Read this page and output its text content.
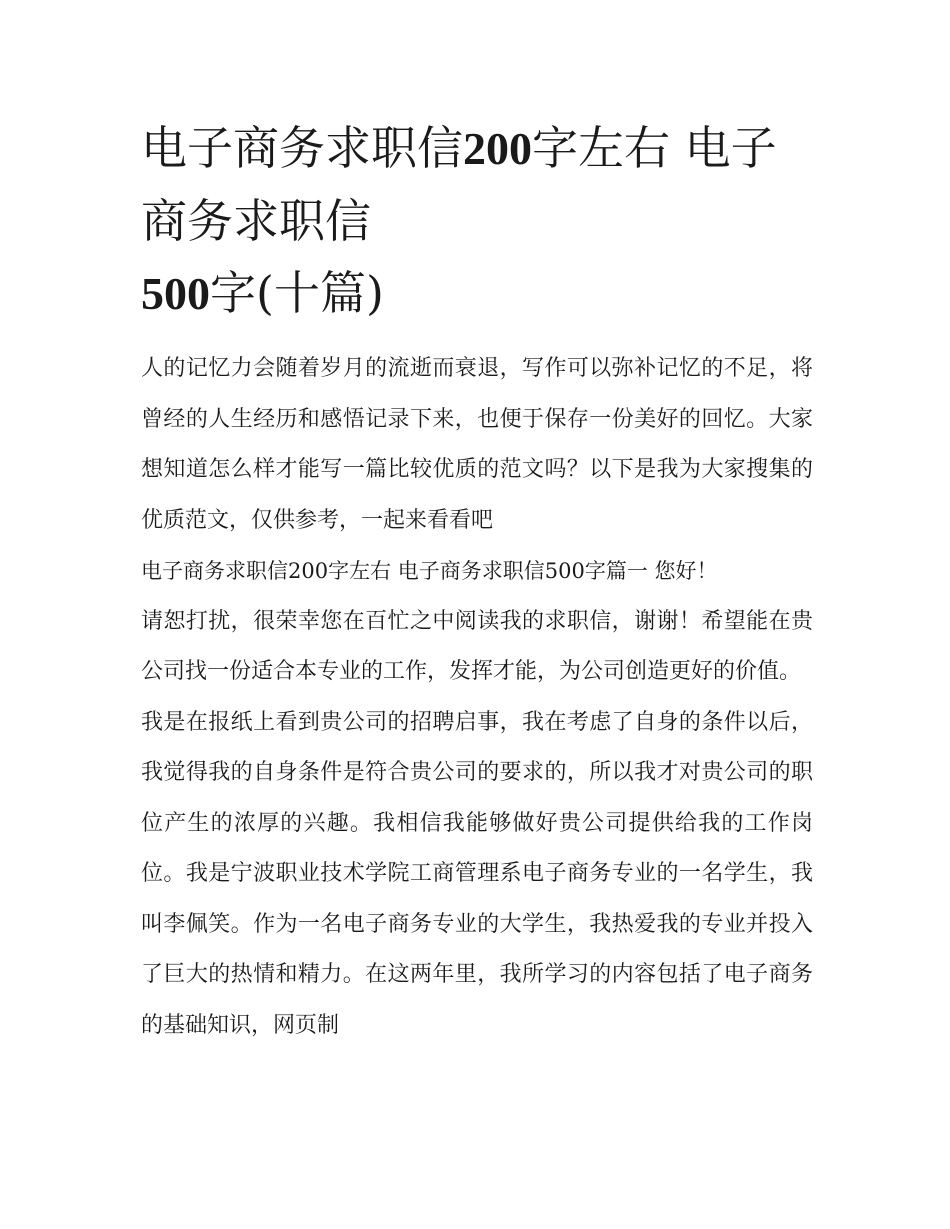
电子商务求职信200字左右 电子商务求职信
500字(十篇)

人的记忆力会随着岁月的流逝而衰退，写作可以弥补记忆的不足，将曾经的人生经历和感悟记录下来，也便于保存一份美好的回忆。大家想知道怎么样才能写一篇比较优质的范文吗？以下是我为大家搜集的优质范文，仅供参考，一起来看看吧

电子商务求职信200字左右 电子商务求职信500字篇一 您好！

请恕打扰，很荣幸您在百忙之中阅读我的求职信，谢谢！希望能在贵公司找一份适合本专业的工作，发挥才能，为公司创造更好的价值。

我是在报纸上看到贵公司的招聘启事，我在考虑了自身的条件以后，我觉得我的自身条件是符合贵公司的要求的，所以我才对贵公司的职位产生的浓厚的兴趣。我相信我能够做好贵公司提供给我的工作岗位。我是宁波职业技术学院工商管理系电子商务专业的一名学生，我叫李佩笑。作为一名电子商务专业的大学生，我热爱我的专业并投入了巨大的热情和精力。在这两年里，我所学习的内容包括了电子商务的基础知识，网页制
